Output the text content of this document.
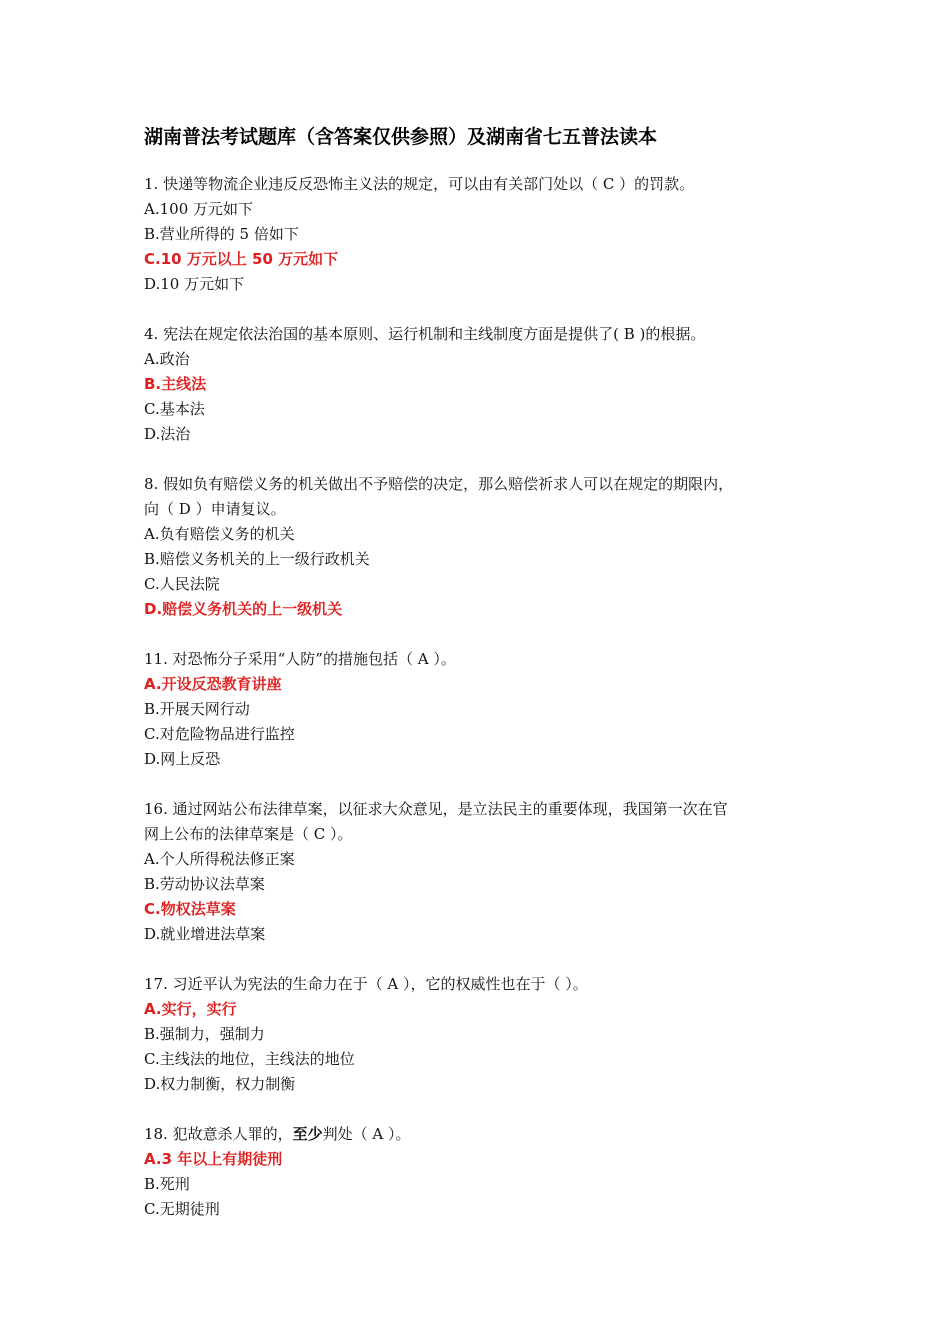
湖南普法考试题库（含答案仅供参照）及湖南省七五普法读本
1. 快递等物流企业违反反恐怖主义法的规定，可以由有关部门处以（ C ）的罚款。
A.100 万元如下
B.营业所得的 5 倍如下
C.10 万元以上 50 万元如下
D.10 万元如下
4. 宪法在规定依法治国的基本原则、运行机制和主线制度方面是提供了( B )的根据。
A.政治
B.主线法
C.基本法
D.法治
8. 假如负有赔偿义务的机关做出不予赔偿的决定，那么赔偿祈求人可以在规定的期限内，
向（ D ）申请复议。
A.负有赔偿义务的机关
B.赔偿义务机关的上一级行政机关
C.人民法院
D.赔偿义务机关的上一级机关
11. 对恐怖分子采用“人防”的措施包括（ A ）。
A.开设反恐教育讲座
B.开展天网行动
C.对危险物品进行监控
D.网上反恐
16. 通过网站公布法律草案，以征求大众意见，是立法民主的重要体现，我国第一次在官
网上公布的法律草案是（ C ）。
A.个人所得税法修正案
B.劳动协议法草案
C.物权法草案
D.就业增进法草案
17. 习近平认为宪法的生命力在于（ A ），它的权威性也在于（ ）。
A.实行，实行
B.强制力，强制力
C.主线法的地位，主线法的地位
D.权力制衡，权力制衡
18. 犯故意杀人罪的，至少判处（ A ）。
A.3 年以上有期徒刑
B.死刑
C.无期徒刑
